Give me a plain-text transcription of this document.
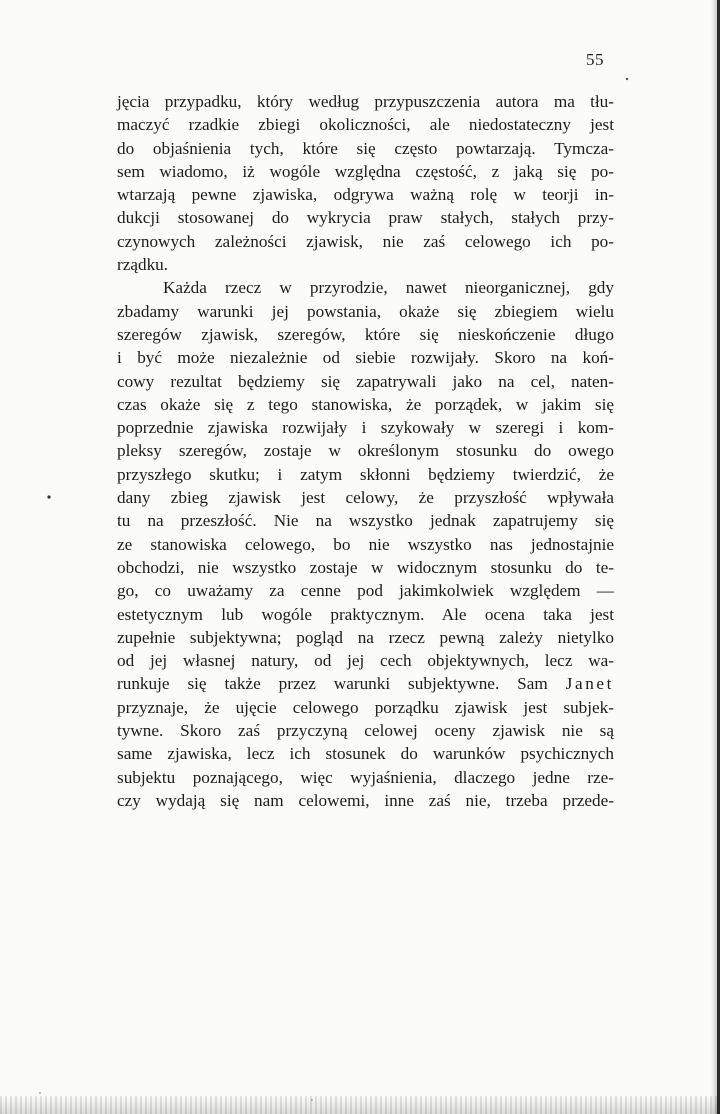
55
jęcia przypadku, który według przypuszczenia autora ma tłu-
maczyć rzadkie zbiegi okoliczności, ale niedostateczny jest
do objaśnienia tych, które się często powtarzają. Tymcza-
sem wiadomo, iż wogóle względna częstość, z jaką się po-
wtarzają pewne zjawiska, odgrywa ważną rolę w teorji in-
dukcji stosowanej do wykrycia praw stałych, stałych przy-
czynowych zależności zjawisk, nie zaś celowego ich po-
rządku.
Każda rzecz w przyrodzie, nawet nieorganicznej, gdy
zbadamy warunki jej powstania, okaże się zbiegiem wielu
szeregów zjawisk, szeregów, które się nieskończenie długo
i być może niezależnie od siebie rozwijały. Skoro na koń-
cowy rezultat będziemy się zapatrywali jako na cel, naten-
czas okaże się z tego stanowiska, że porządek, w jakim się
poprzednie zjawiska rozwijały i szykowały w szeregi i kom-
pleksy szeregów, zostaje w określonym stosunku do owego
przyszłego skutku; i zatym skłonni będziemy twierdzić, że
dany zbieg zjawisk jest celowy, że przyszłość wpływała
tu na przeszłość. Nie na wszystko jednak zapatrujemy się
ze stanowiska celowego, bo nie wszystko nas jednostajnie
obchodzi, nie wszystko zostaje w widocznym stosunku do te-
go, co uważamy za cenne pod jakimkolwiek względem —
estetycznym lub wogóle praktycznym. Ale ocena taka jest
zupełnie subjektywna; pogląd na rzecz pewną zależy nietylko
od jej własnej natury, od jej cech objektywnych, lecz wa-
runkuje się także przez warunki subjektywne. Sam Janet
przyznaje, że ujęcie celowego porządku zjawisk jest subjek-
tywne. Skoro zaś przyczyną celowej oceny zjawisk nie są
same zjawiska, lecz ich stosunek do warunków psychicznych
subjektu poznającego, więc wyjaśnienia, dlaczego jedne rze-
czy wydają się nam celowemi, inne zaś nie, trzeba przede-
